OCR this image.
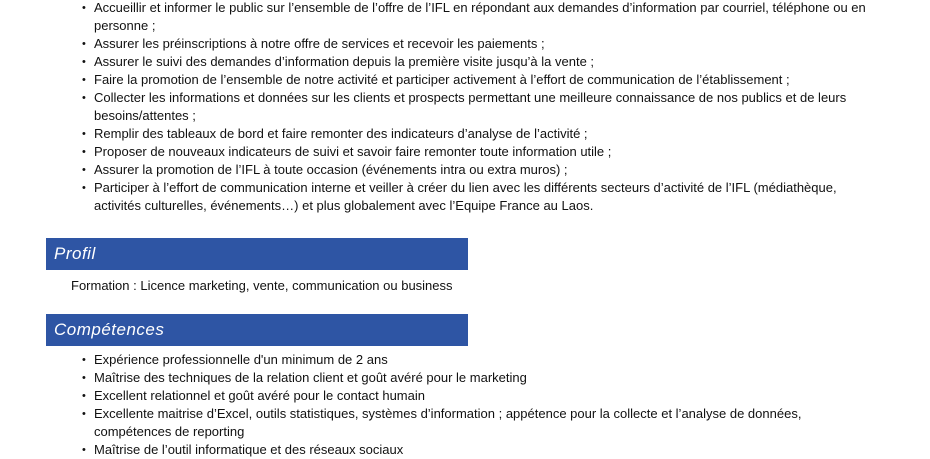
• Accueillir et informer le public sur l’ensemble de l’offre de l’IFL en répondant aux demandes d’information par courriel, téléphone ou en personne ;
• Assurer les préinscriptions à notre offre de services et recevoir les paiements ;
• Assurer le suivi des demandes d’information depuis la première visite jusqu’à la vente ;
• Faire la promotion de l’ensemble de notre activité et participer activement à l’effort de communication de l’établissement ;
• Collecter les informations et données sur les clients et prospects permettant une meilleure connaissance de nos publics et de leurs besoins/attentes ;
• Remplir des tableaux de bord et faire remonter des indicateurs d’analyse de l’activité ;
• Proposer de nouveaux indicateurs de suivi et savoir faire remonter toute information utile ;
• Assurer la promotion de l’IFL à toute occasion (événements intra ou extra muros) ;
• Participer à l’effort de communication interne et veiller à créer du lien avec les différents secteurs d’activité de l’IFL (médiathèque, activités culturelles, événements…) et plus globalement avec l’Equipe France au Laos.
Profil
Formation : Licence marketing, vente, communication ou business
Compétences
• Expérience professionnelle d'un minimum de 2 ans
• Maîtrise des techniques de la relation client et goût avéré pour le marketing
• Excellent relationnel et goût avéré pour le contact humain
• Excellente maitrise d’Excel, outils statistiques, systèmes d’information ; appétence pour la collecte et l’analyse de données, compétences de reporting
• Maîtrise de l’outil informatique et des réseaux sociaux
